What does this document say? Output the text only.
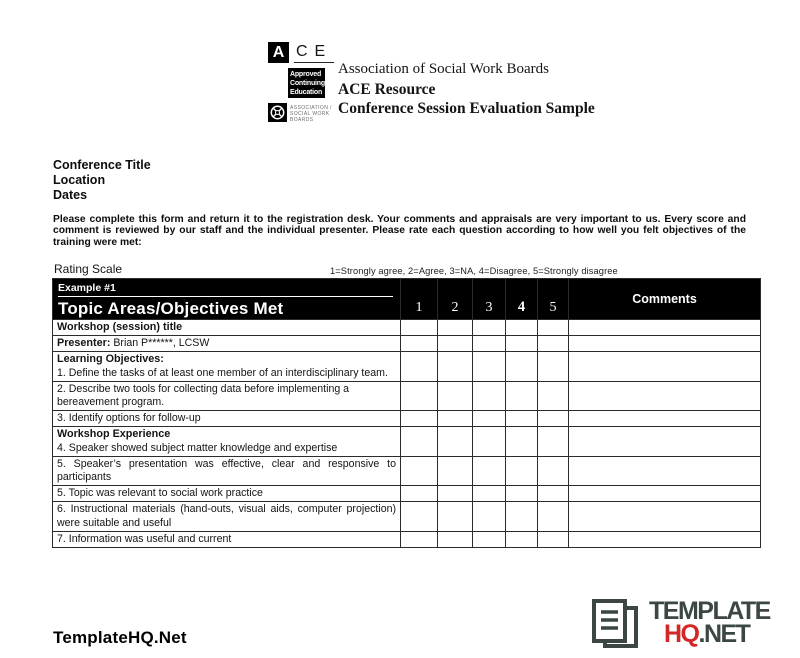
A CE
Approved
Continuing
Education
ASSOCIATION /
SOCIAL WORK
BOARDS
Association of Social Work Boards
ACE Resource
Conference Session Evaluation Sample
Conference Title
Location
Dates
Please complete this form and return it to the registration desk. Your comments and appraisals are very important to us. Every score and comment is reviewed by our staff and the individual presenter. Please rate each question according to how well you felt objectives of the training were met:
Rating Scale	1=Strongly agree, 2=Agree, 3=NA, 4=Disagree, 5=Strongly disagree
Example #1
Topic Areas/Objectives Met	1	2	3	4	5	Comments

Workshop (session) title						

Presenter: Brian P******, LCSW						

Learning Objectives:
1. Define the tasks of at least one member of an interdisciplinary team.						

2. Describe two tools for collecting data before implementing a bereavement program.						
3. Identify options for follow-up						

Workshop Experience
4. Speaker showed subject matter knowledge and expertise						

5. Speaker’s presentation was effective, clear and responsive to participants						
5. Topic was relevant to social work practice						
6. Instructional materials (hand-outs, visual aids, computer projection) were suitable and useful						
7. Information was useful and current						
TemplateHQ.Net
TEMPLATE
HQ.NET
